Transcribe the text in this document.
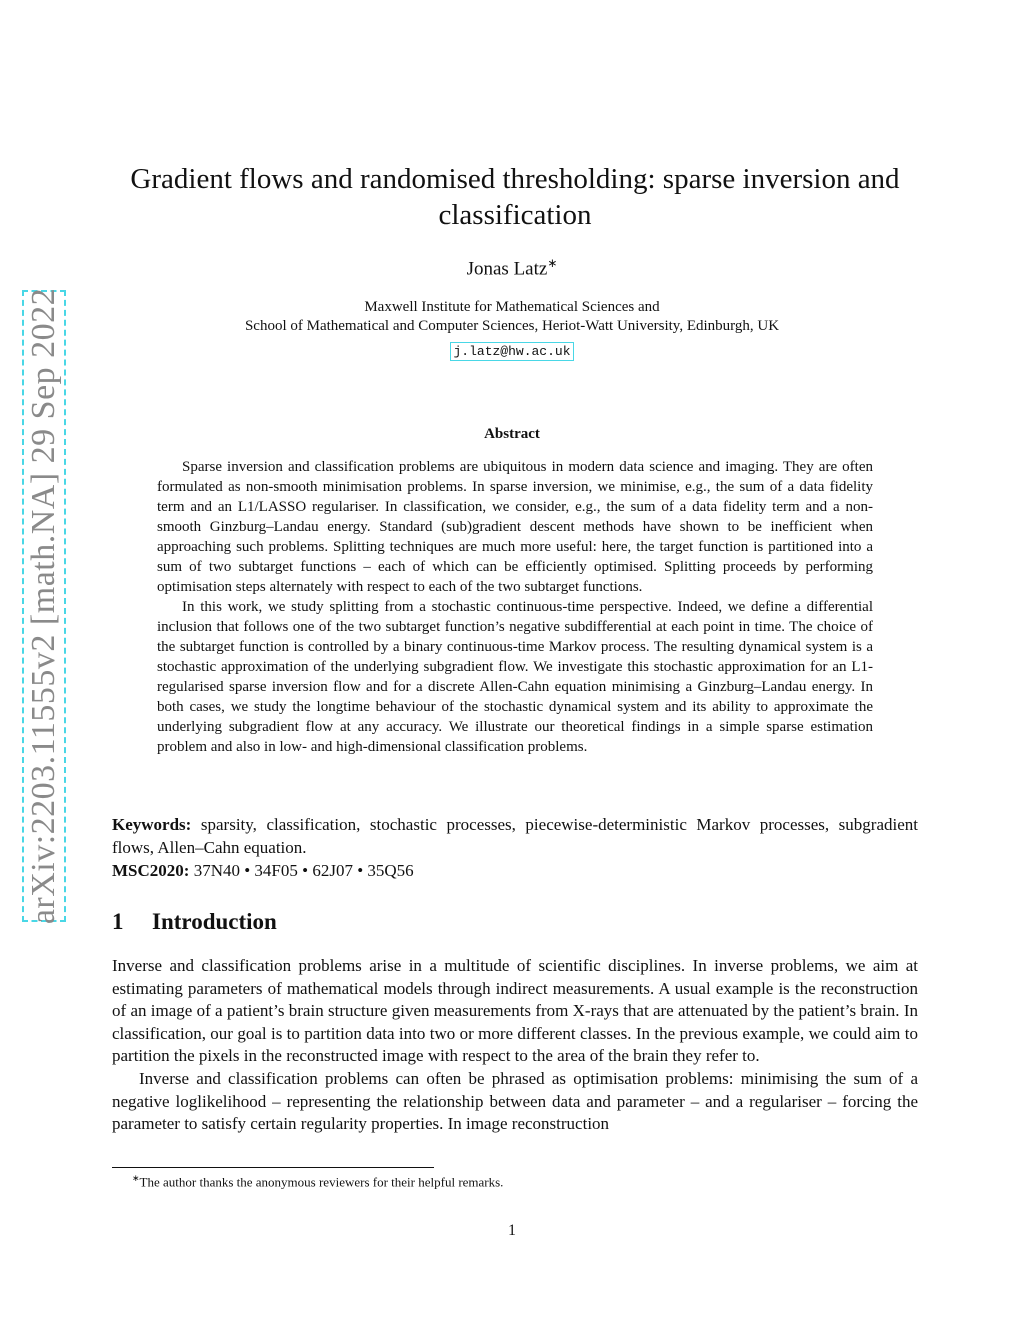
arXiv:2203.11555v2 [math.NA] 29 Sep 2022
Gradient flows and randomised thresholding: sparse inversion and classification
Jonas Latz∗
Maxwell Institute for Mathematical Sciences and
School of Mathematical and Computer Sciences, Heriot-Watt University, Edinburgh, UK
j.latz@hw.ac.uk
Abstract

Sparse inversion and classification problems are ubiquitous in modern data science and imaging. They are often formulated as non-smooth minimisation problems. In sparse inversion, we minimise, e.g., the sum of a data fidelity term and an L1/LASSO regulariser. In classification, we consider, e.g., the sum of a data fidelity term and a non-smooth Ginzburg–Landau energy. Standard (sub)gradient descent methods have shown to be inefficient when approaching such problems. Splitting techniques are much more useful: here, the target function is partitioned into a sum of two subtarget functions – each of which can be efficiently optimised. Splitting proceeds by performing optimisation steps alternately with respect to each of the two subtarget functions.

In this work, we study splitting from a stochastic continuous-time perspective. Indeed, we define a differential inclusion that follows one of the two subtarget function’s negative subdifferential at each point in time. The choice of the subtarget function is controlled by a binary continuous-time Markov process. The resulting dynamical system is a stochastic approximation of the underlying subgradient flow. We investigate this stochastic approximation for an L1-regularised sparse inversion flow and for a discrete Allen-Cahn equation minimising a Ginzburg–Landau energy. In both cases, we study the longtime behaviour of the stochastic dynamical system and its ability to approximate the underlying subgradient flow at any accuracy. We illustrate our theoretical findings in a simple sparse estimation problem and also in low- and high-dimensional classification problems.

Keywords: sparsity, classification, stochastic processes, piecewise-deterministic Markov processes, subgradient flows, Allen–Cahn equation.

MSC2020: 37N40 • 34F05 • 62J07 • 35Q56

1 Introduction

Inverse and classification problems arise in a multitude of scientific disciplines. In inverse problems, we aim at estimating parameters of mathematical models through indirect measurements. A usual example is the reconstruction of an image of a patient’s brain structure given measurements from X-rays that are attenuated by the patient’s brain. In classification, our goal is to partition data into two or more different classes. In the previous example, we could aim to partition the pixels in the reconstructed image with respect to the area of the brain they refer to.

Inverse and classification problems can often be phrased as optimisation problems: minimising the sum of a negative loglikelihood – representing the relationship between data and parameter – and a regulariser – forcing the parameter to satisfy certain regularity properties. In image reconstruction

∗The author thanks the anonymous reviewers for their helpful remarks.
1
